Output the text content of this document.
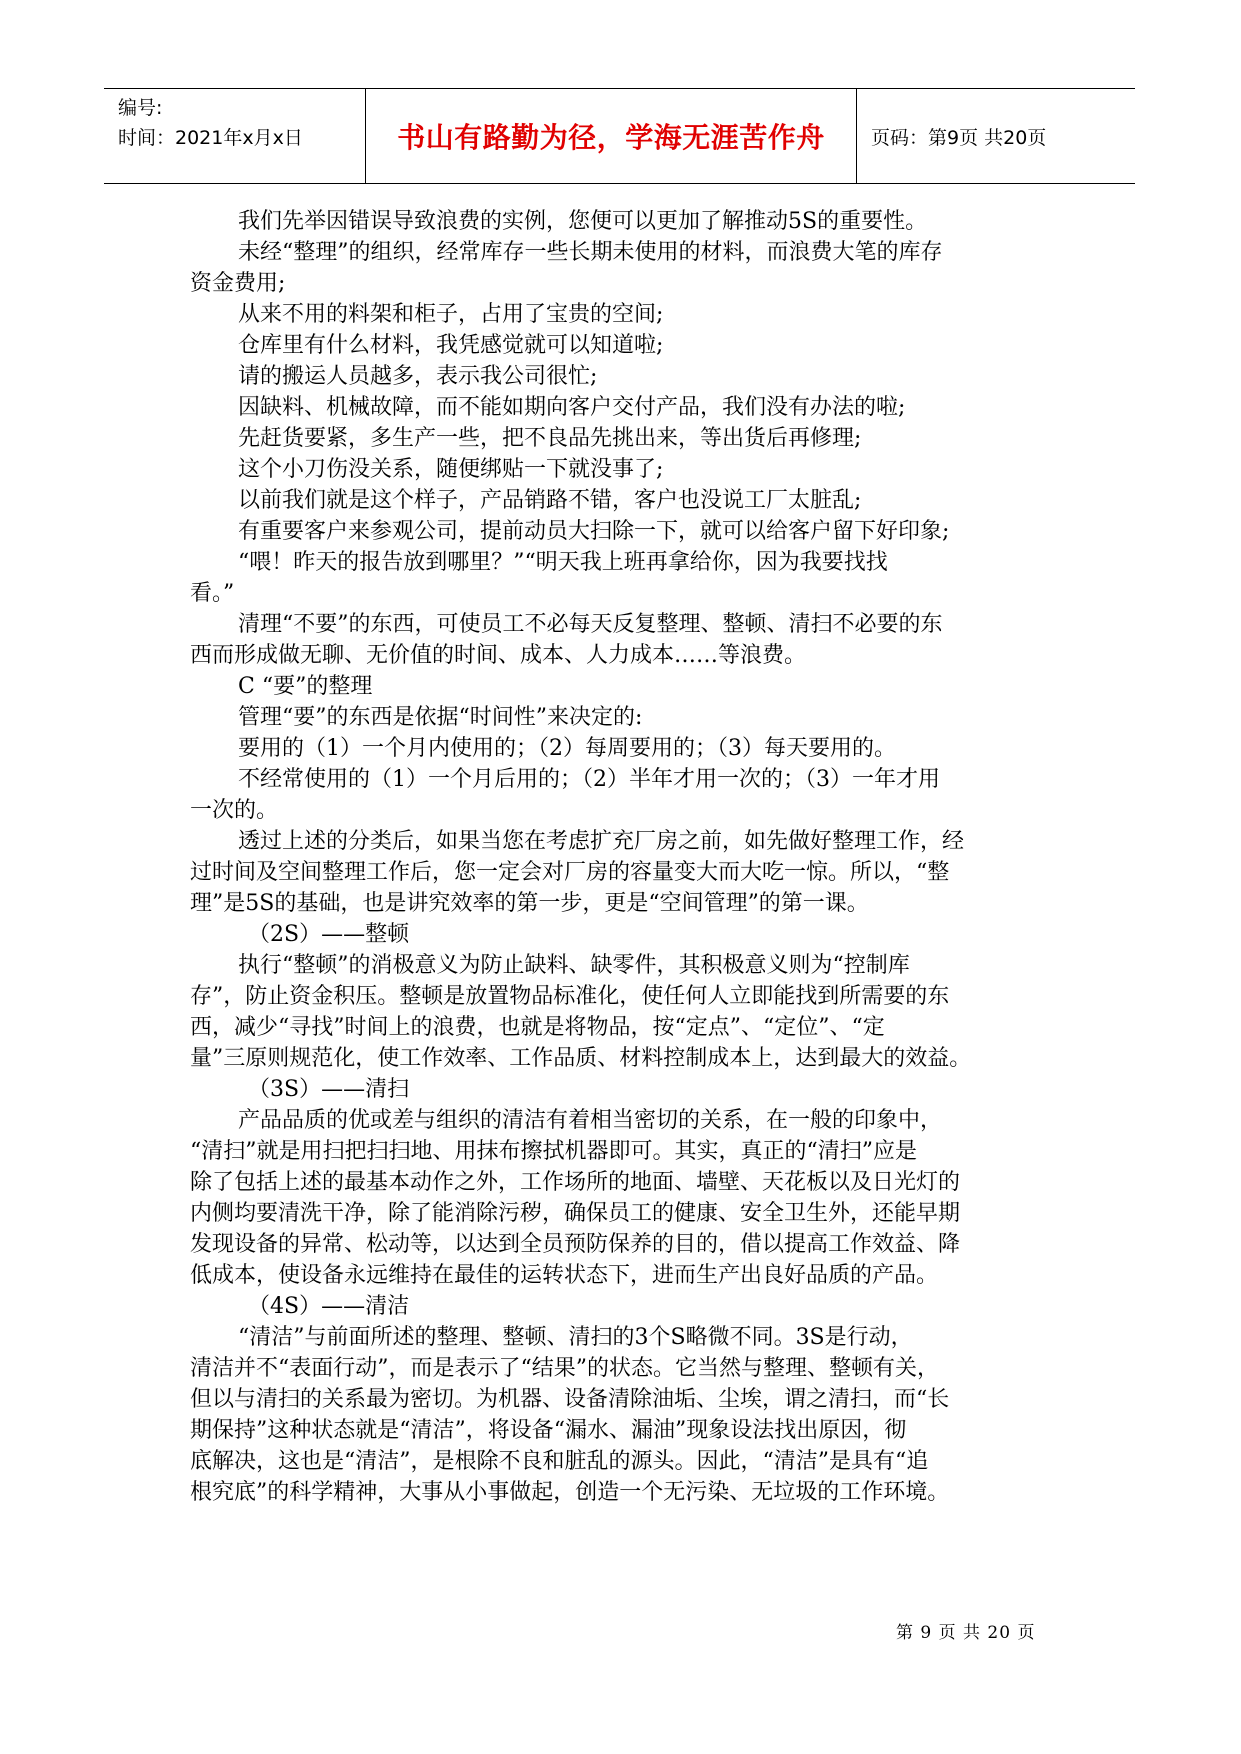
编号:
时间：2021年x月x日	书山有路勤为径，学海无涯苦作舟	页码：第9页 共20页
我们先举因错误导致浪费的实例，您便可以更加了解推动5S的重要性。
未经“整理”的组织，经常库存一些长期未使用的材料，而浪费大笔的库存
资金费用;
从来不用的料架和柜子，占用了宝贵的空间;
仓库里有什么材料，我凭感觉就可以知道啦;
请的搬运人员越多，表示我公司很忙;
因缺料、机械故障，而不能如期向客户交付产品，我们没有办法的啦;
先赶货要紧，多生产一些，把不良品先挑出来，等出货后再修理;
这个小刀伤没关系，随便绑贴一下就没事了;
以前我们就是这个样子，产品销路不错，客户也没说工厂太脏乱;
有重要客户来参观公司，提前动员大扫除一下，就可以给客户留下好印象;
“喂！昨天的报告放到哪里？”“明天我上班再拿给你，因为我要找找
看。”
清理“不要”的东西，可使员工不必每天反复整理、整顿、清扫不必要的东
西而形成做无聊、无价值的时间、成本、人力成本……等浪费。
C “要”的整理
管理“要”的东西是依据“时间性”来决定的:
要用的（1）一个月内使用的；（2）每周要用的；（3）每天要用的。
不经常使用的（1）一个月后用的；（2）半年才用一次的；（3）一年才用
一次的。
透过上述的分类后，如果当您在考虑扩充厂房之前，如先做好整理工作，经
过时间及空间整理工作后，您一定会对厂房的容量变大而大吃一惊。所以，“整
理”是5S的基础，也是讲究效率的第一步，更是“空间管理”的第一课。
（2S）——整顿
执行“整顿”的消极意义为防止缺料、缺零件，其积极意义则为“控制库
存”，防止资金积压。整顿是放置物品标准化，使任何人立即能找到所需要的东
西，减少“寻找”时间上的浪费，也就是将物品，按“定点”、“定位”、“定
量”三原则规范化，使工作效率、工作品质、材料控制成本上，达到最大的效益。
（3S）——清扫
产品品质的优或差与组织的清洁有着相当密切的关系，在一般的印象中，
“清扫”就是用扫把扫扫地、用抹布擦拭机器即可。其实，真正的“清扫”应是
除了包括上述的最基本动作之外，工作场所的地面、墙壁、天花板以及日光灯的
内侧均要清洗干净，除了能消除污秽，确保员工的健康、安全卫生外，还能早期
发现设备的异常、松动等，以达到全员预防保养的目的，借以提高工作效益、降
低成本，使设备永远维持在最佳的运转状态下，进而生产出良好品质的产品。
（4S）——清洁
“清洁”与前面所述的整理、整顿、清扫的3个S略微不同。3S是行动，
清洁并不“表面行动”，而是表示了“结果”的状态。它当然与整理、整顿有关，
但以与清扫的关系最为密切。为机器、设备清除油垢、尘埃，谓之清扫，而“长
期保持”这种状态就是“清洁”，将设备“漏水、漏油”现象设法找出原因，彻
底解决，这也是“清洁”，是根除不良和脏乱的源头。因此，“清洁”是具有“追
根究底”的科学精神，大事从小事做起，创造一个无污染、无垃圾的工作环境。
第 9 页 共 20 页
